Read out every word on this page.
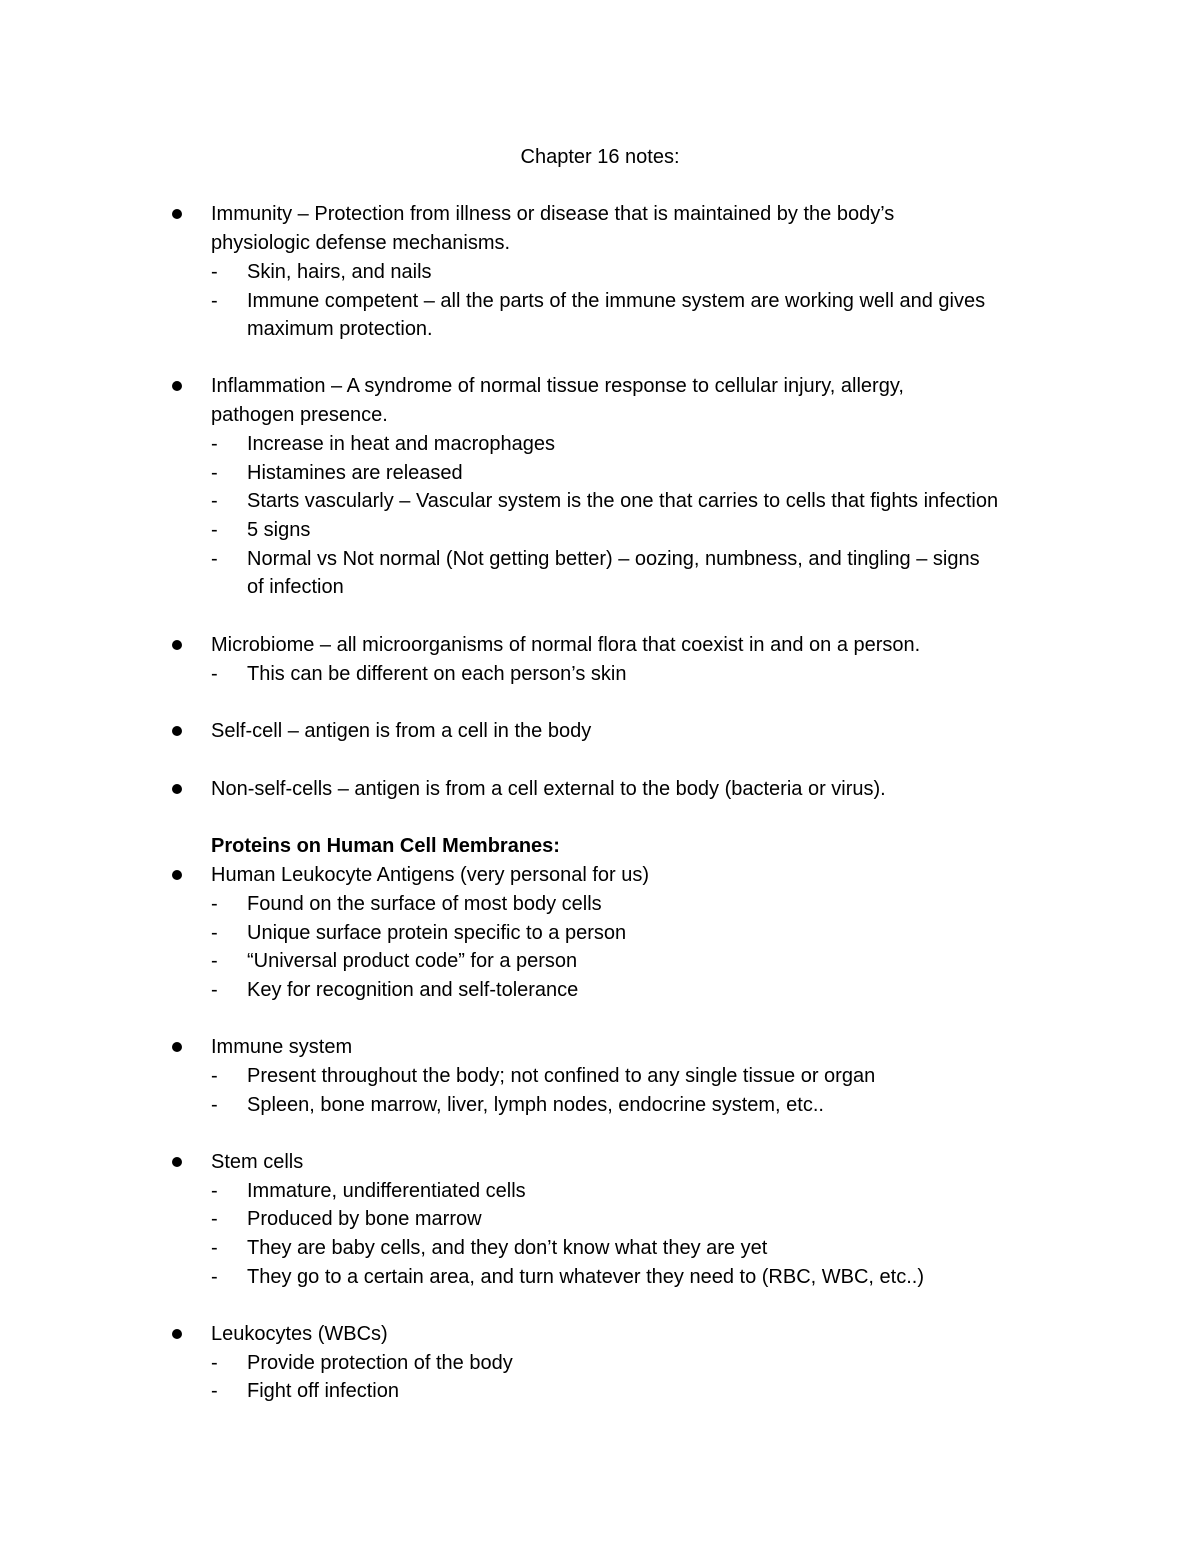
Chapter 16 notes:
Immunity – Protection from illness or disease that is maintained by the body’s
physiologic defense mechanisms.
- Skin, hairs, and nails
- Immune competent – all the parts of the immune system are working well and gives
maximum protection.
Inflammation – A syndrome of normal tissue response to cellular injury, allergy,
pathogen presence.
- Increase in heat and macrophages
- Histamines are released
- Starts vascularly – Vascular system is the one that carries to cells that fights infection
- 5 signs
- Normal vs Not normal (Not getting better) – oozing, numbness, and tingling – signs
of infection
Microbiome – all microorganisms of normal flora that coexist in and on a person.
- This can be different on each person’s skin
Self-cell – antigen is from a cell in the body
Non-self-cells – antigen is from a cell external to the body (bacteria or virus).
Proteins on Human Cell Membranes:
Human Leukocyte Antigens (very personal for us)
- Found on the surface of most body cells
- Unique surface protein specific to a person
- “Universal product code” for a person
- Key for recognition and self-tolerance
Immune system
- Present throughout the body; not confined to any single tissue or organ
- Spleen, bone marrow, liver, lymph nodes, endocrine system, etc..
Stem cells
- Immature, undifferentiated cells
- Produced by bone marrow
- They are baby cells, and they don’t know what they are yet
- They go to a certain area, and turn whatever they need to (RBC, WBC, etc..)
Leukocytes (WBCs)
- Provide protection of the body
- Fight off infection
